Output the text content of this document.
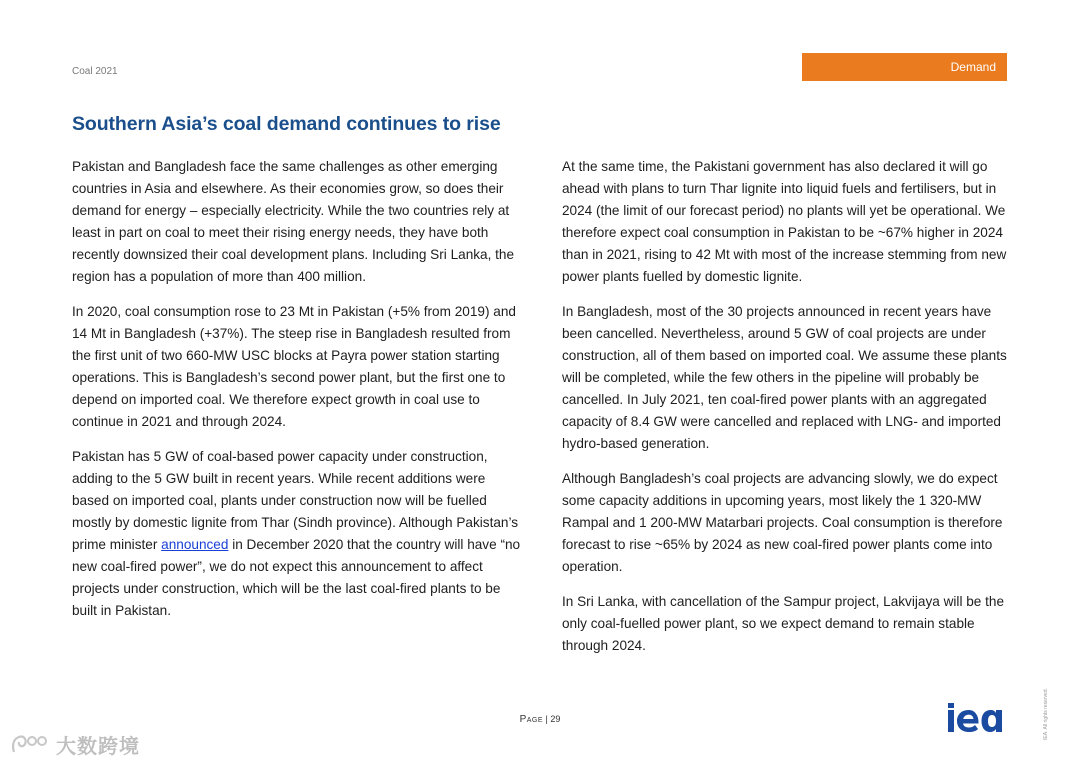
Coal 2021	Demand
Southern Asia’s coal demand continues to rise

Pakistan and Bangladesh face the same challenges as other emerging countries in Asia and elsewhere. As their economies grow, so does their demand for energy – especially electricity. While the two countries rely at least in part on coal to meet their rising energy needs, they have both recently downsized their coal development plans. Including Sri Lanka, the region has a population of more than 400 million.

In 2020, coal consumption rose to 23 Mt in Pakistan (+5% from 2019) and 14 Mt in Bangladesh (+37%). The steep rise in Bangladesh resulted from the first unit of two 660-MW USC blocks at Payra power station starting operations. This is Bangladesh’s second power plant, but the first one to depend on imported coal. We therefore expect growth in coal use to continue in 2021 and through 2024.

Pakistan has 5 GW of coal-based power capacity under construction, adding to the 5 GW built in recent years. While recent additions were based on imported coal, plants under construction now will be fuelled mostly by domestic lignite from Thar (Sindh province). Although Pakistan’s prime minister announced in December 2020 that the country will have “no new coal-fired power”, we do not expect this announcement to affect projects under construction, which will be the last coal-fired plants to be built in Pakistan.

At the same time, the Pakistani government has also declared it will go ahead with plans to turn Thar lignite into liquid fuels and fertilisers, but in 2024 (the limit of our forecast period) no plants will yet be operational. We therefore expect coal consumption in Pakistan to be ~67% higher in 2024 than in 2021, rising to 42 Mt with most of the increase stemming from new power plants fuelled by domestic lignite.

In Bangladesh, most of the 30 projects announced in recent years have been cancelled. Nevertheless, around 5 GW of coal projects are under construction, all of them based on imported coal. We assume these plants will be completed, while the few others in the pipeline will probably be cancelled. In July 2021, ten coal-fired power plants with an aggregated capacity of 8.4 GW were cancelled and replaced with LNG- and imported hydro-based generation.

Although Bangladesh’s coal projects are advancing slowly, we do expect some capacity additions in upcoming years, most likely the 1 320-MW Rampal and 1 200-MW Matarbari projects. Coal consumption is therefore forecast to rise ~65% by 2024 as new coal-fired power plants come into operation.

In Sri Lanka, with cancellation of the Sampur project, Lakvijaya will be the only coal-fuelled power plant, so we expect demand to remain stable through 2024.

Page | 29	IEA. All rights reserved.
大数跨境
